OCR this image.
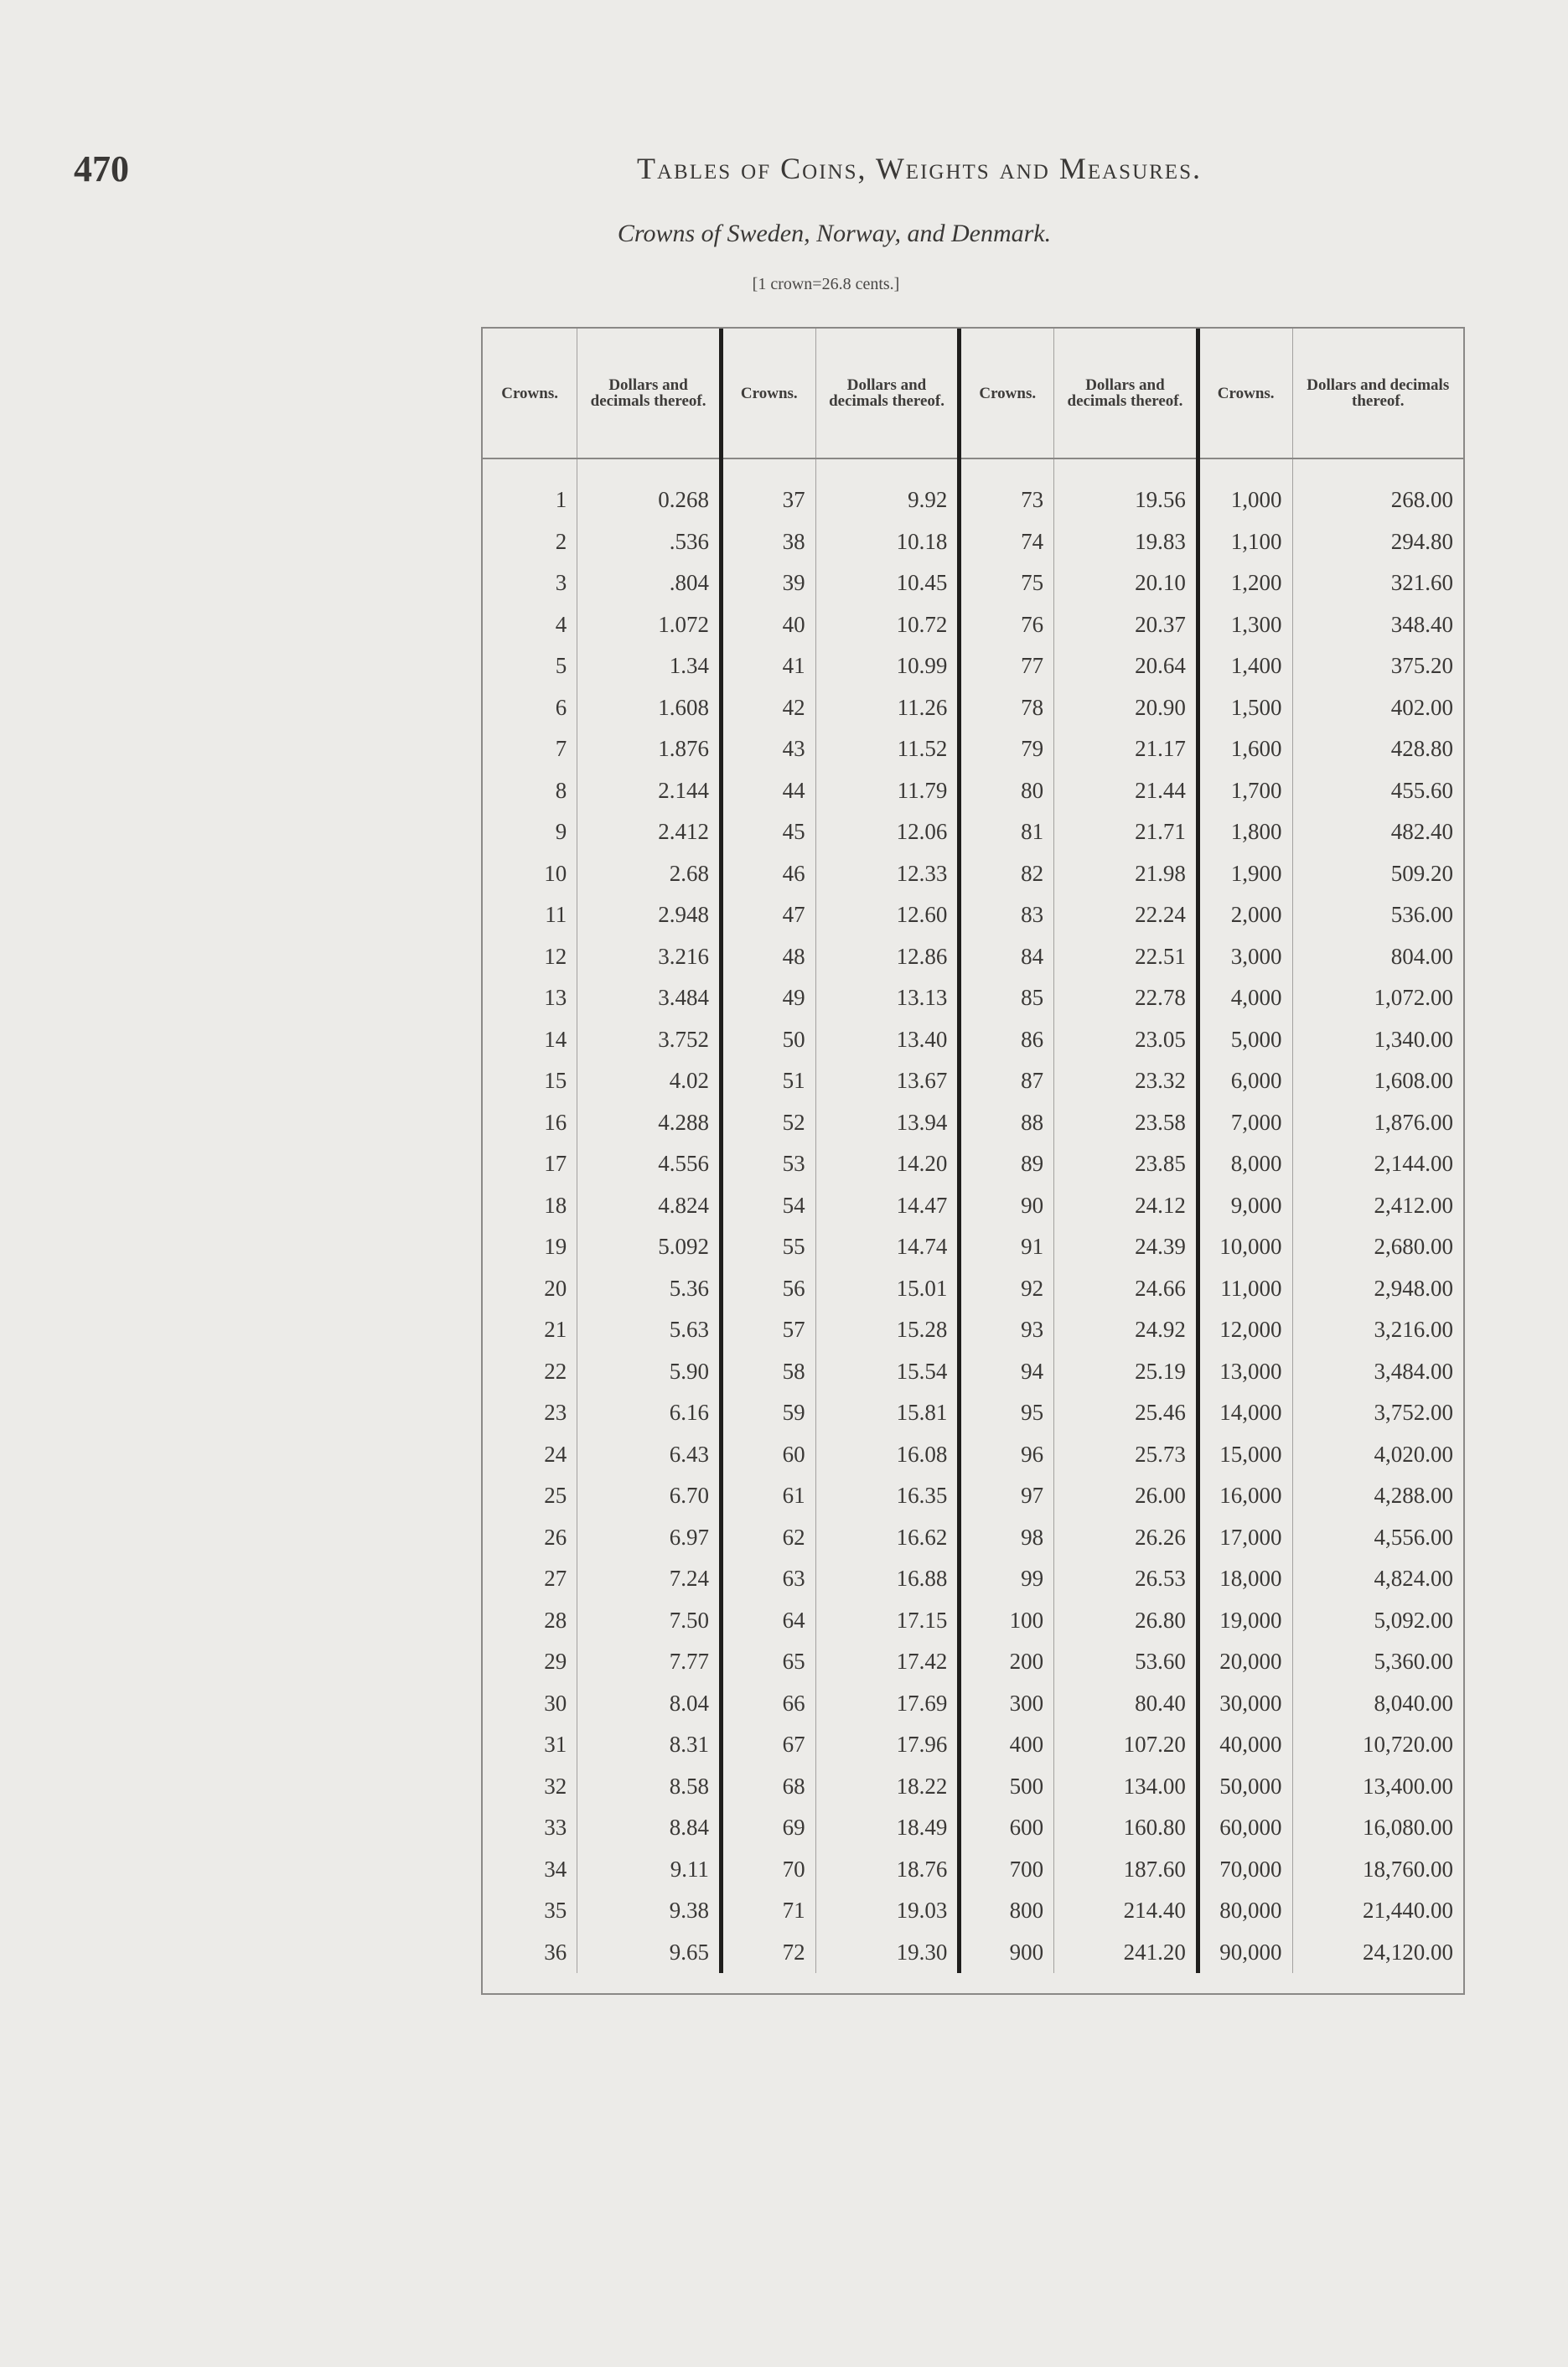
470	Tables of Coins, Weights and Measures.
Crowns of Sweden, Norway, and Denmark.
[1 crown=26.8 cents.]
Crowns.	Dollars and decimals thereof.	Crowns.	Dollars and decimals thereof.	Crowns.	Dollars and decimals thereof.	Crowns.	Dollars and decimals thereof.

1	0.268	37	9.92	73	19.56	1,000	268.00
2	.536	38	10.18	74	19.83	1,100	294.80
3	.804	39	10.45	75	20.10	1,200	321.60
4	1.072	40	10.72	76	20.37	1,300	348.40
5	1.34	41	10.99	77	20.64	1,400	375.20
6	1.608	42	11.26	78	20.90	1,500	402.00
7	1.876	43	11.52	79	21.17	1,600	428.80
8	2.144	44	11.79	80	21.44	1,700	455.60
9	2.412	45	12.06	81	21.71	1,800	482.40
10	2.68	46	12.33	82	21.98	1,900	509.20
11	2.948	47	12.60	83	22.24	2,000	536.00
12	3.216	48	12.86	84	22.51	3,000	804.00
13	3.484	49	13.13	85	22.78	4,000	1,072.00
14	3.752	50	13.40	86	23.05	5,000	1,340.00
15	4.02	51	13.67	87	23.32	6,000	1,608.00
16	4.288	52	13.94	88	23.58	7,000	1,876.00
17	4.556	53	14.20	89	23.85	8,000	2,144.00
18	4.824	54	14.47	90	24.12	9,000	2,412.00
19	5.092	55	14.74	91	24.39	10,000	2,680.00
20	5.36	56	15.01	92	24.66	11,000	2,948.00
21	5.63	57	15.28	93	24.92	12,000	3,216.00
22	5.90	58	15.54	94	25.19	13,000	3,484.00
23	6.16	59	15.81	95	25.46	14,000	3,752.00
24	6.43	60	16.08	96	25.73	15,000	4,020.00
25	6.70	61	16.35	97	26.00	16,000	4,288.00
26	6.97	62	16.62	98	26.26	17,000	4,556.00
27	7.24	63	16.88	99	26.53	18,000	4,824.00
28	7.50	64	17.15	100	26.80	19,000	5,092.00
29	7.77	65	17.42	200	53.60	20,000	5,360.00
30	8.04	66	17.69	300	80.40	30,000	8,040.00
31	8.31	67	17.96	400	107.20	40,000	10,720.00
32	8.58	68	18.22	500	134.00	50,000	13,400.00
33	8.84	69	18.49	600	160.80	60,000	16,080.00
34	9.11	70	18.76	700	187.60	70,000	18,760.00
35	9.38	71	19.03	800	214.40	80,000	21,440.00
36	9.65	72	19.30	900	241.20	90,000	24,120.00
